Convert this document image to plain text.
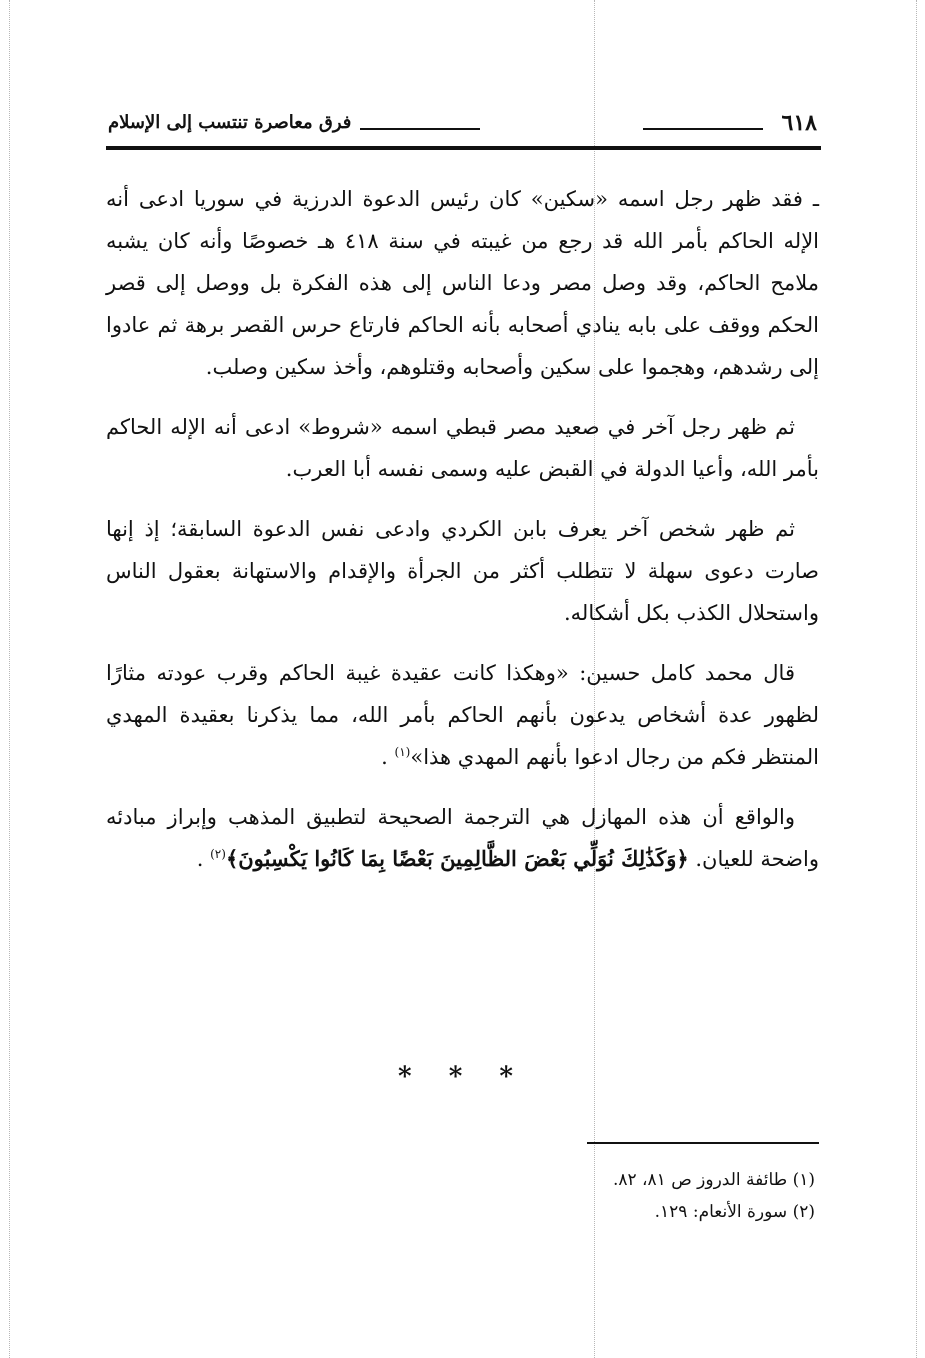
٦١٨
فرق معاصرة تنتسب إلى الإسلام

ـ فقد ظهر رجل اسمه «سكين» كان رئيس الدعوة الدرزية في سوريا ادعى أنه الإله الحاكم بأمر الله قد رجع من غيبته في سنة ٤١٨ هـ خصوصًا وأنه كان يشبه ملامح الحاكم، وقد وصل مصر ودعا الناس إلى هذه الفكرة بل ووصل إلى قصر الحكم ووقف على بابه ينادي أصحابه بأنه الحاكم فارتاع حرس القصر برهة ثم عادوا إلى رشدهم، وهجموا على سكين وأصحابه وقتلوهم، وأخذ سكين وصلب.

ثم ظهر رجل آخر في صعيد مصر قبطي اسمه «شروط» ادعى أنه الإله الحاكم بأمر الله، وأعيا الدولة في القبض عليه وسمى نفسه أبا العرب.

ثم ظهر شخص آخر يعرف بابن الكردي وادعى نفس الدعوة السابقة؛ إذ إنها صارت دعوى سهلة لا تتطلب أكثر من الجرأة والإقدام والاستهانة بعقول الناس واستحلال الكذب بكل أشكاله.

قال محمد كامل حسين: «وهكذا كانت عقيدة غيبة الحاكم وقرب عودته مثارًا لظهور عدة أشخاص يدعون بأنهم الحاكم بأمر الله، مما يذكرنا بعقيدة المهدي المنتظر فكم من رجال ادعوا بأنهم المهدي هذا»$^{(١)}$ .

والواقع أن هذه المهازل هي الترجمة الصحيحة لتطبيق المذهب وإبراز مبادئه واضحة للعيان. ﴿وَكَذَٰلِكَ نُوَلِّي بَعْضَ الظَّالِمِينَ بَعْضًا بِمَا كَانُوا يَكْسِبُونَ﴾$^{(٢)}$ .

* * *
(١) طائفة الدروز ص ٨١، ٨٢.
(٢) سورة الأنعام: ١٢٩.
